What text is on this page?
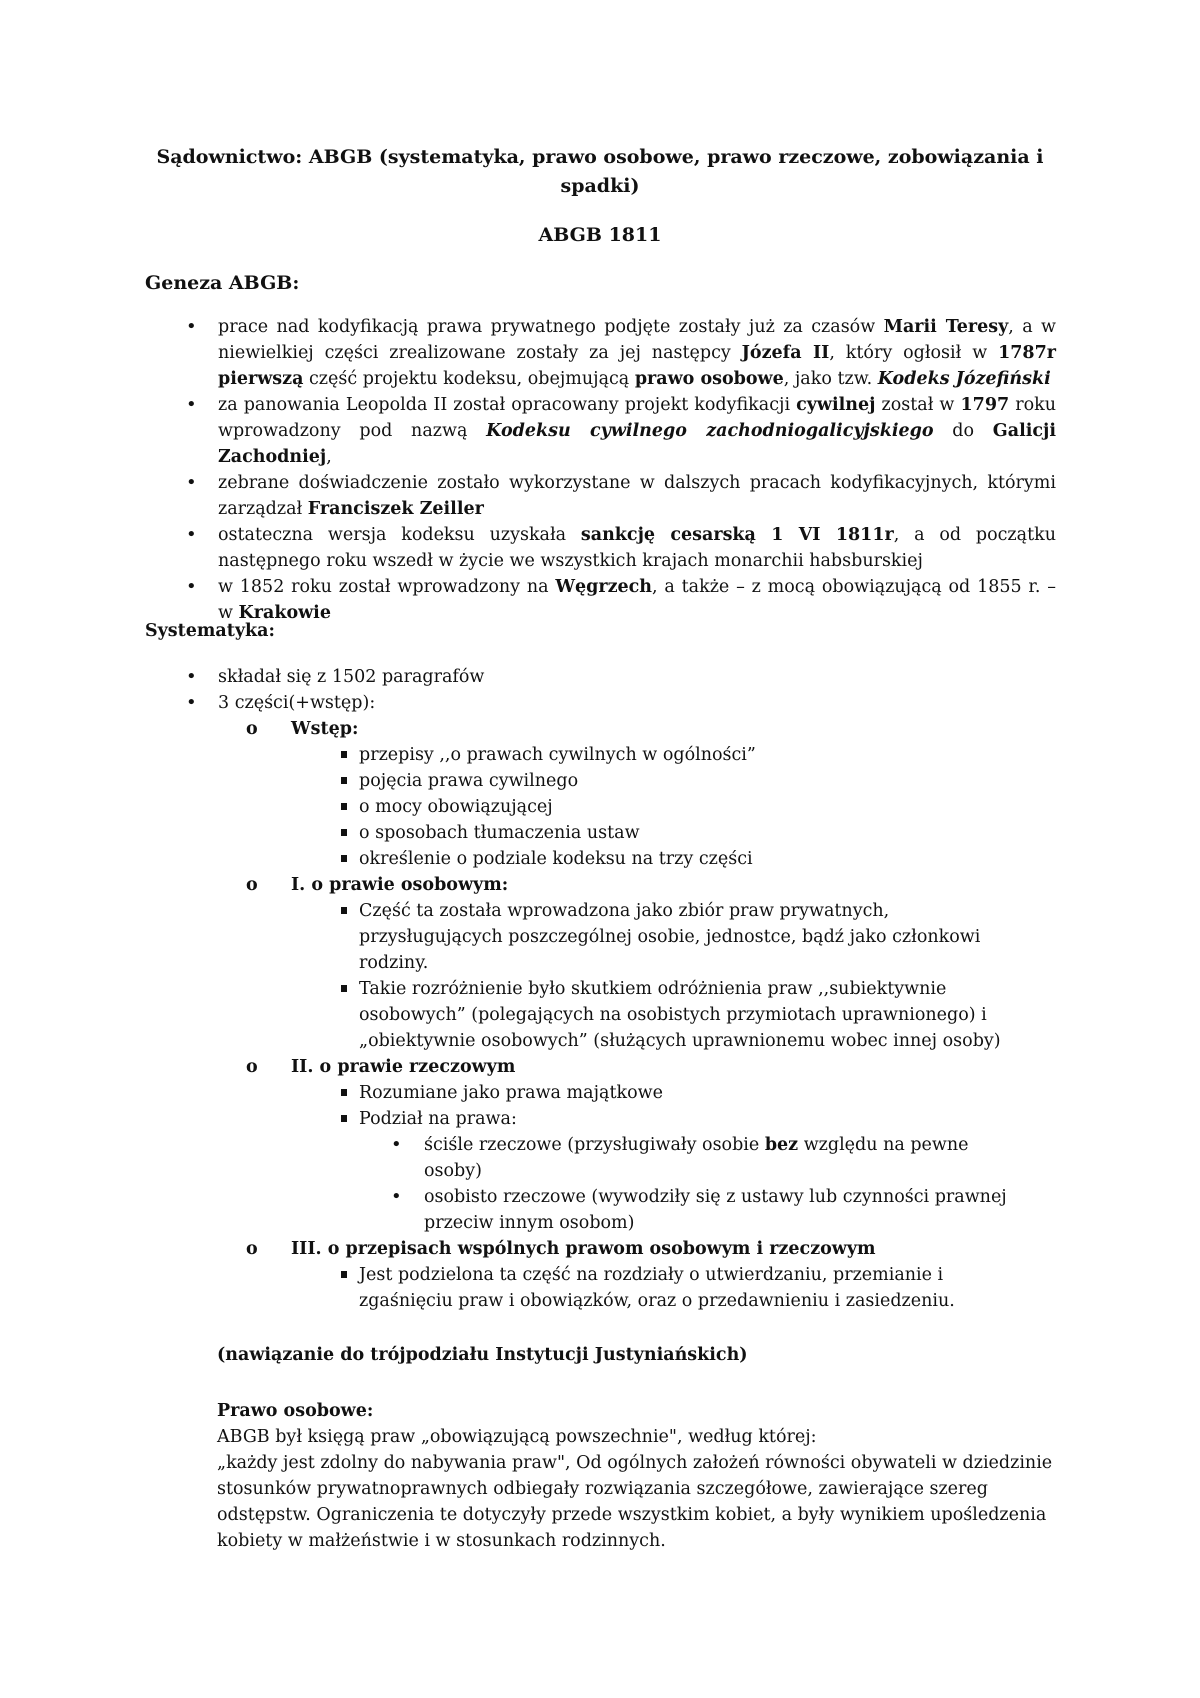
Sądownictwo: ABGB (systematyka, prawo osobowe, prawo rzeczowe, zobowiązania i spadki)
ABGB 1811
Geneza ABGB:
•
prace nad kodyfikacją prawa prywatnego podjęte zostały już za czasów Marii Teresy, a w niewielkiej części zrealizowane zostały za jej następcy Józefa II, który ogłosił w 1787r pierwszą część projektu kodeksu, obejmującą prawo osobowe, jako tzw. Kodeks Józefiński
•
za panowania Leopolda II został opracowany projekt kodyfikacji cywilnej został w 1797 roku wprowadzony pod nazwą Kodeksu cywilnego zachodniogalicyjskiego do Galicji Zachodniej,
•
zebrane doświadczenie zostało wykorzystane w dalszych pracach kodyfikacyjnych, którymi zarządzał Franciszek Zeiller
•
ostateczna wersja kodeksu uzyskała sankcję cesarską 1 VI 1811r, a od początku następnego roku wszedł w życie we wszystkich krajach monarchii habsburskiej
•
w 1852 roku został wprowadzony na Węgrzech, a także – z mocą obowiązującą od 1855 r. – w Krakowie
Systematyka:
•
składał się z 1502 paragrafów
•
3 części(+wstęp):
o Wstęp:
przepisy ,,o prawach cywilnych w ogólności”
pojęcia prawa cywilnego
o mocy obowiązującej
o sposobach tłumaczenia ustaw
określenie o podziale kodeksu na trzy części
o I. o prawie osobowym:
Część ta została wprowadzona jako zbiór praw prywatnych, przysługujących poszczególnej osobie, jednostce, bądź jako członkowi rodziny.
Takie rozróżnienie było skutkiem odróżnienia praw ,,subiektywnie osobowych” (polegających na osobistych przymiotach uprawnionego) i „obiektywnie osobowych” (służących uprawnionemu wobec innej osoby)
o II. o prawie rzeczowym
Rozumiane jako prawa majątkowe
Podział na prawa:
•
ściśle rzeczowe (przysługiwały osobie bez względu na pewne osoby)
•
osobisto rzeczowe (wywodziły się z ustawy lub czynności prawnej przeciw innym osobom)
o III. o przepisach wspólnych prawom osobowym i rzeczowym
Jest podzielona ta część na rozdziały o utwierdzaniu, przemianie i zgaśnięciu praw i obowiązków, oraz o przedawnieniu i zasiedzeniu.
(nawiązanie do trójpodziału Instytucji Justyniańskich)
Prawo osobowe:
ABGB był księgą praw „obowiązującą powszechnie", według której:
„każdy jest zdolny do nabywania praw", Od ogólnych założeń równości obywateli w dziedzinie stosunków prywatnoprawnych odbiegały rozwiązania szczegółowe, zawierające szereg odstępstw. Ograniczenia te dotyczyły przede wszystkim kobiet, a były wynikiem upośledzenia kobiety w małżeństwie i w stosunkach rodzinnych.
